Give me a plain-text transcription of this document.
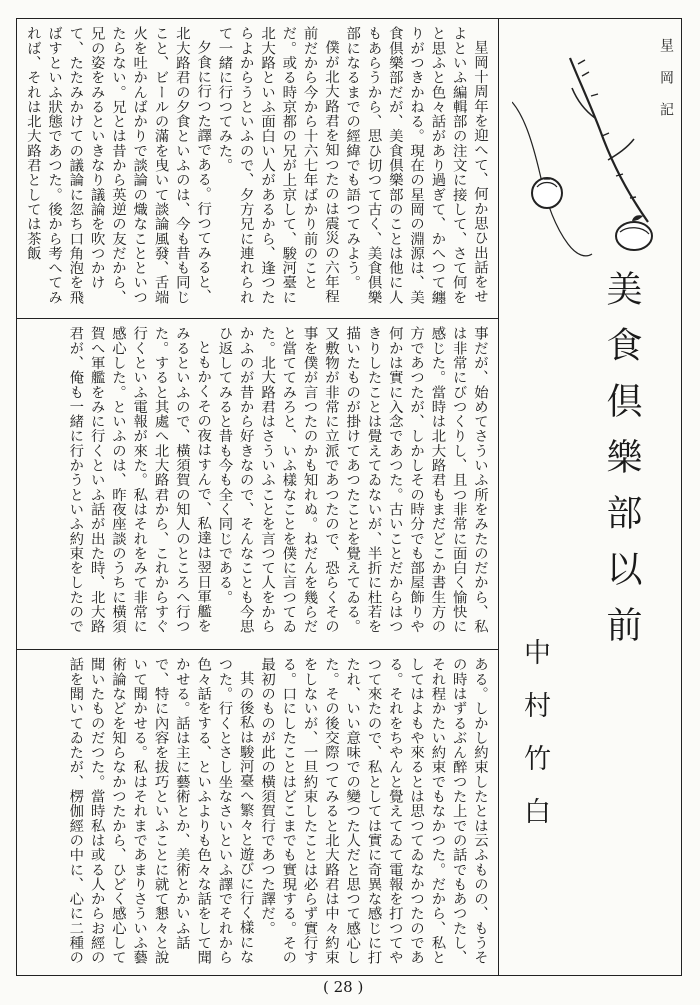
星岡記
美食倶樂部以前
中村竹白

星岡十周年を迎へて、何か思ひ出話をせよといふ編輯部の注文に接して、さて何をと思ふと色々話があり過ぎて、かへつて纏りがつきかねる。現在の星岡の淵源は、美食倶樂部だが、美食倶樂部のことは他に人もあらうから、思ひ切つて古く、美食倶樂部になるまでの經緯でも語つてみよう。

僕が北大路君を知つたのは震災の六年程前だから今から十六七年ばかり前のことだ。或る時京都の兄が上京して、駿河臺に北大路といふ面白い人があるから、逢つたらよからうといふので、夕方兄に連れられて一緒に行つてみた。

夕食に行つた譯である。行つてみると、北大路君の夕食といふのは、今も昔も同じこと、ビールの滿を曳いて談論風發、舌端火を吐かんばかりで談論の熾なことといつたらない。兄とは昔から英逆の友だから、兄の姿をみるといきなり議論を吹つかけて、たたみかけての議論に忽ち口角泡を飛ばすといふ狀態であつた。後から考へてみれば、それは北大路君としては茶飯

事だが、始めてさういふ所をみたのだから、私は非常にびつくりし、且つ非常に面白く愉快に感じた。當時は北大路君もまだどこか書生方の方であつたが、しかしその時分でも部屋飾りや何かは實に入念であつた。古いことだからはつきりしたことは覺えてゐないが、半折に杜若を描いたものが掛けてあつたことを覺えてゐる。又敷物が非常に立派であつたので、恐らくその事を僕が言つたのかも知れぬ。ねだんを幾らだと當ててみろと、いふ樣なことを僕に言つてゐた。北大路君はさういふことを言つて人をからかふのが昔から好きなので、そんなことも今思ひ返してみると昔も今も全く同じである。

ともかくその夜はすんで、私達は翌日軍艦をみるといふので、橫須賀の知人のところへ行つた。すると其處へ北大路君から、これからすぐ行くといふ電報が來た。私はそれをみて非常に感心した。といふのは、昨夜座談のうちに橫須賀へ軍艦をみに行くといふ話が出た時、北大路君が、俺も一緒に行かうといふ約束をしたので

ある。しかし約束したとは云ふものの、もうその時はずるぶん醉つた上での話でもあつたし、それ程かたい約束でもなかつた。だから、私としてはよもや來るとは思つてゐなかつたのである。それをちやんと覺えてゐて電報を打つてやつて來たので、私としては實に奇異な感じに打たれ、いい意味での變つた人だと思つて感心した。その後交際つてみると北大路君は中々約束をしないが、一旦約束したことは必らず實行する。口にしたことはどこまでも實現する。その最初のものが此の橫須賀行であつた譯だ。

其の後私は駿河臺へ繁々と遊びに行く樣になつた。行くとさし坐なさいといふ譯でそれから色々話をする、といふよりも色々な話をして聞かせる。話は主に藝術とか、美術とかいふ話で、特に內容を拔巧といふことに就て懇々と說いて聞かせる。私はそれまであまりさういふ藝術論などを知らなかつたから、ひどく感心して聞いたものだつた。當時私は或る人からお經の話を聞いてゐたが、楞伽經の中に、心に二種の

( 28 )
